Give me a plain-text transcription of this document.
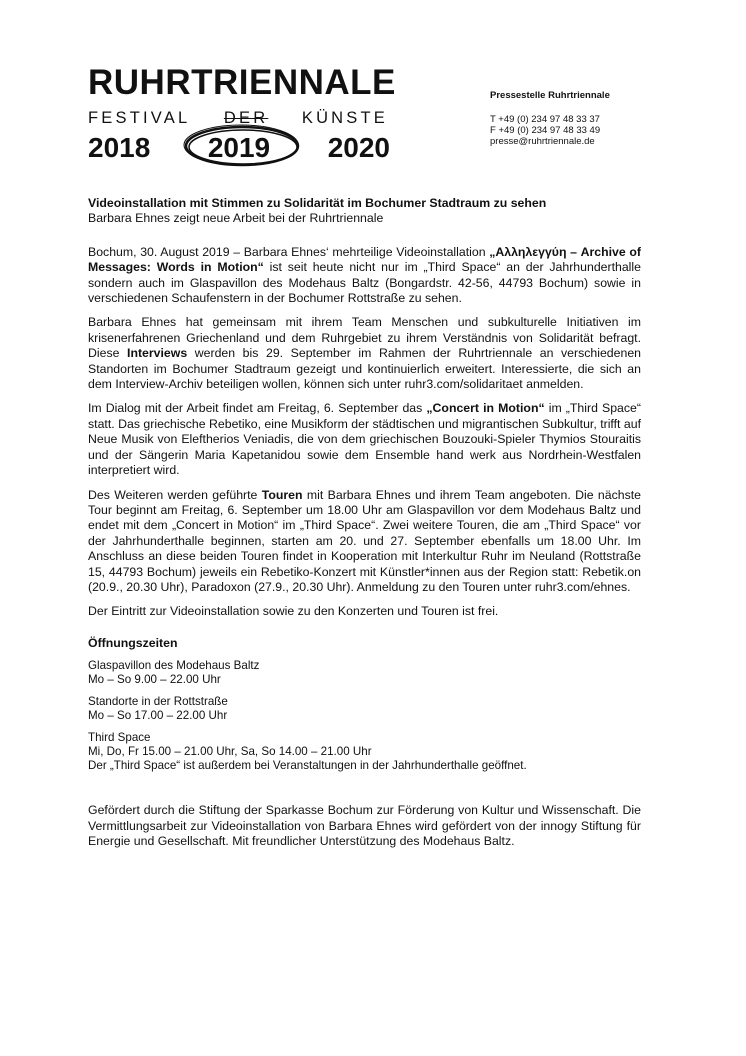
RUHRTRIENNALE
FESTIVAL DER KÜNSTE
2018 2019 2020
Pressestelle Ruhrtriennale
T +49 (0) 234 97 48 33 37
F +49 (0) 234 97 48 33 49
presse@ruhrtriennale.de
Videoinstallation mit Stimmen zu Solidarität im Bochumer Stadtraum zu sehen
Barbara Ehnes zeigt neue Arbeit bei der Ruhrtriennale

Bochum, 30. August 2019 – Barbara Ehnes‘ mehrteilige Videoinstallation „Αλληλεγγύη – Archive of Messages: Words in Motion“ ist seit heute nicht nur im „Third Space“ an der Jahrhunderthalle sondern auch im Glaspavillon des Modehaus Baltz (Bongardstr. 42-56, 44793 Bochum) sowie in verschiedenen Schaufenstern in der Bochumer Rottstraße zu sehen.

Barbara Ehnes hat gemeinsam mit ihrem Team Menschen und subkulturelle Initiativen im krisenerfahrenen Griechenland und dem Ruhrgebiet zu ihrem Verständnis von Solidarität befragt. Diese Interviews werden bis 29. September im Rahmen der Ruhrtriennale an verschiedenen Standorten im Bochumer Stadtraum gezeigt und kontinuierlich erweitert. Interessierte, die sich an dem Interview-Archiv beteiligen wollen, können sich unter ruhr3.com/solidaritaet anmelden.

Im Dialog mit der Arbeit findet am Freitag, 6. September das „Concert in Motion“ im „Third Space“ statt. Das griechische Rebetiko, eine Musikform der städtischen und migrantischen Subkultur, trifft auf Neue Musik von Eleftherios Veniadis, die von dem griechischen Bouzouki-Spieler Thymios Stouraitis und der Sängerin Maria Kapetanidou sowie dem Ensemble hand werk aus Nordrhein-Westfalen interpretiert wird.

Des Weiteren werden geführte Touren mit Barbara Ehnes und ihrem Team angeboten. Die nächste Tour beginnt am Freitag, 6. September um 18.00 Uhr am Glaspavillon vor dem Modehaus Baltz und endet mit dem „Concert in Motion“ im „Third Space“. Zwei weitere Touren, die am „Third Space“ vor der Jahrhunderthalle beginnen, starten am 20. und 27. September ebenfalls um 18.00 Uhr. Im Anschluss an diese beiden Touren findet in Kooperation mit Interkultur Ruhr im Neuland (Rottstraße 15, 44793 Bochum) jeweils ein Rebetiko-Konzert mit Künstler*innen aus der Region statt: Rebetik.on (20.9., 20.30 Uhr), Paradoxon (27.9., 20.30 Uhr). Anmeldung zu den Touren unter ruhr3.com/ehnes.

Der Eintritt zur Videoinstallation sowie zu den Konzerten und Touren ist frei.

Öffnungszeiten

Glaspavillon des Modehaus Baltz
Mo – So 9.00 – 22.00 Uhr

Standorte in der Rottstraße
Mo – So 17.00 – 22.00 Uhr

Third Space
Mi, Do, Fr 15.00 – 21.00 Uhr, Sa, So 14.00 – 21.00 Uhr
Der „Third Space“ ist außerdem bei Veranstaltungen in der Jahrhunderthalle geöffnet.

Gefördert durch die Stiftung der Sparkasse Bochum zur Förderung von Kultur und Wissenschaft. Die Vermittlungsarbeit zur Videoinstallation von Barbara Ehnes wird gefördert von der innogy Stiftung für Energie und Gesellschaft. Mit freundlicher Unterstützung des Modehaus Baltz.
